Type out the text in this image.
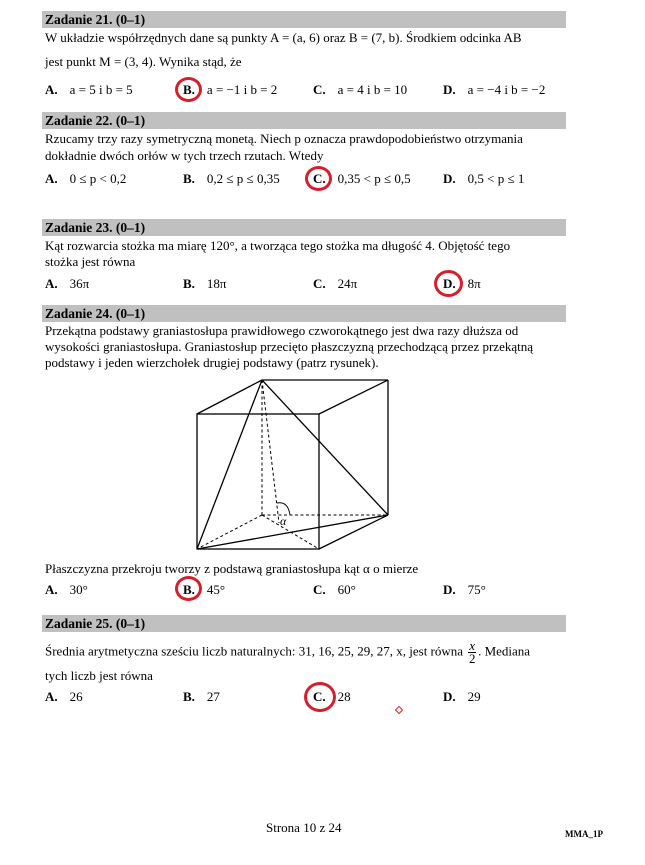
Zadanie 21. (0–1)
W układzie współrzędnych dane są punkty A = (a, 6) oraz B = (7, b). Środkiem odcinka AB
jest punkt M = (3, 4). Wynika stąd, że
A. a = 5 i b = 5	B. a = −1 i b = 2	C. a = 4 i b = 10	D. a = −4 i b = −2
Zadanie 22. (0–1)
Rzucamy trzy razy symetryczną monetą. Niech p oznacza prawdopodobieństwo otrzymania
dokładnie dwóch orłów w tych trzech rzutach. Wtedy
A. 0 ≤ p < 0,2	B. 0,2 ≤ p ≤ 0,35	C. 0,35 < p ≤ 0,5 D. 0,5 < p ≤ 1
Zadanie 23. (0–1)
Kąt rozwarcia stożka ma miarę 120°, a tworząca tego stożka ma długość 4. Objętość tego
stożka jest równa
A. 36π	B. 18π	C. 24π	D. 8π
Zadanie 24. (0–1)
Przekątna podstawy graniastosłupa prawidłowego czworokątnego jest dwa razy dłuższa od
wysokości graniastosłupa. Graniastosłup przecięto płaszczyzną przechodzącą przez przekątną
podstawy i jeden wierzchołek drugiej podstawy (patrz rysunek).
α
Płaszczyzna przekroju tworzy z podstawą graniastosłupa kąt α o mierze
A. 30°	B. 45°	C. 60°	D. 75°
Zadanie 25. (0–1)
Średnia arytmetyczna sześciu liczb naturalnych: 31, 16, 25, 29, 27, x, jest równa $\frac{x}{2}$ . Mediana
tych liczb jest równa
A. 26	B. 27	C. 28	D. 29
Strona 10 z 24	MMA_1P
